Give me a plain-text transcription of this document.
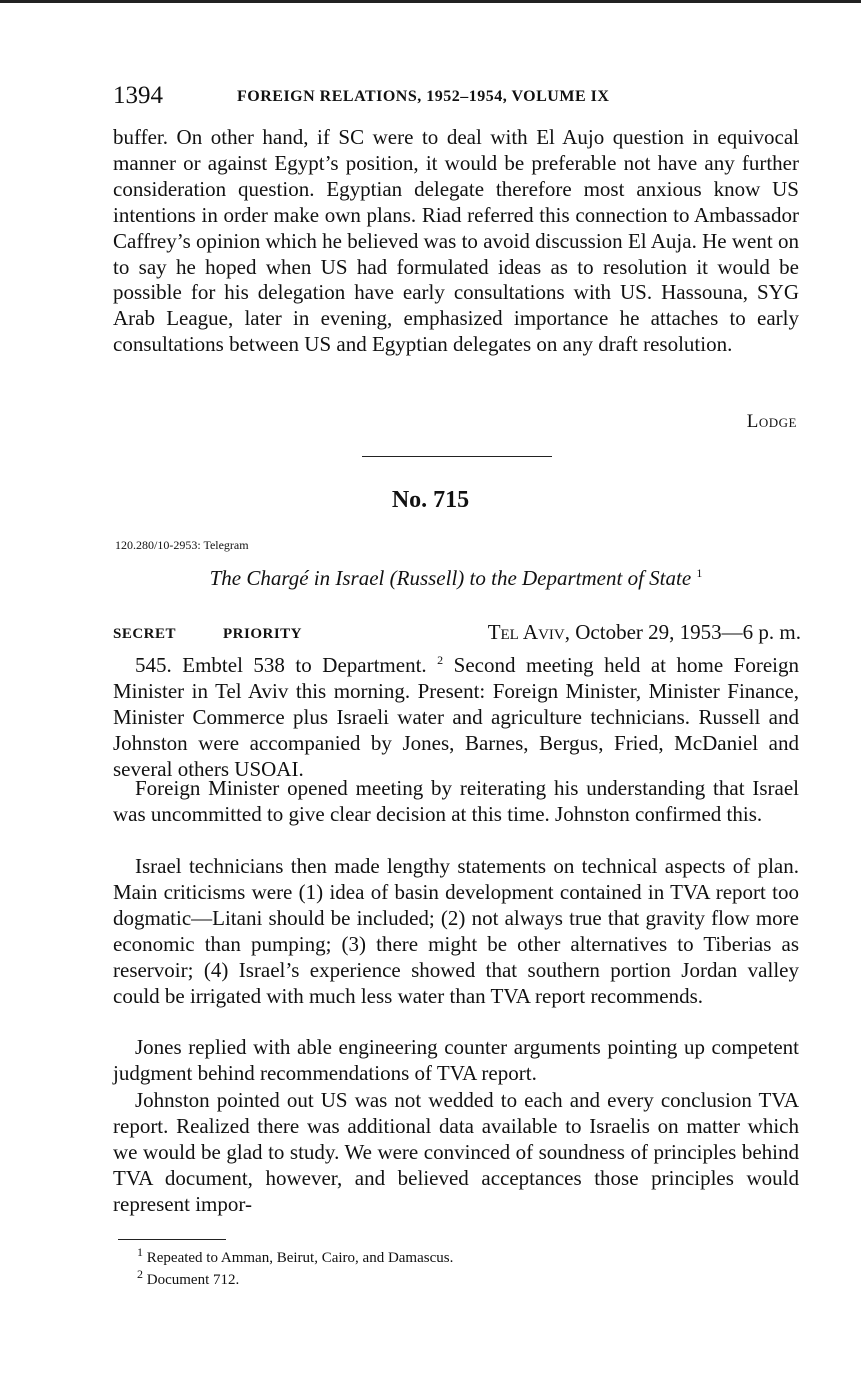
1394	FOREIGN RELATIONS, 1952–1954, VOLUME IX

buffer. On other hand, if SC were to deal with El Aujo question in equivocal manner or against Egypt’s position, it would be preferable not have any further consideration question. Egyptian delegate therefore most anxious know US intentions in order make own plans. Riad referred this connection to Ambassador Caffrey’s opinion which he believed was to avoid discussion El Auja. He went on to say he hoped when US had formulated ideas as to resolution it would be possible for his delegation have early consultations with US. Hassouna, SYG Arab League, later in evening, emphasized importance he attaches to early consultations between US and Egyptian delegates on any draft resolution.

Lodge
No. 715
120.280/10-2953: Telegram
The Chargé in Israel (Russell) to the Department of State $^1$
SECRET	PRIORITY	Tel Aviv, October 29, 1953—6 p. m.

545. Embtel 538 to Department. $^2$ Second meeting held at home Foreign Minister in Tel Aviv this morning. Present: Foreign Minister, Minister Finance, Minister Commerce plus Israeli water and agriculture technicians. Russell and Johnston were accompanied by Jones, Barnes, Bergus, Fried, McDaniel and several others USOAI.

Foreign Minister opened meeting by reiterating his understanding that Israel was uncommitted to give clear decision at this time. Johnston confirmed this.

Israel technicians then made lengthy statements on technical aspects of plan. Main criticisms were (1) idea of basin development contained in TVA report too dogmatic—Litani should be included; (2) not always true that gravity flow more economic than pumping; (3) there might be other alternatives to Tiberias as reservoir; (4) Israel’s experience showed that southern portion Jordan valley could be irrigated with much less water than TVA report recommends.

Jones replied with able engineering counter arguments pointing up competent judgment behind recommendations of TVA report.

Johnston pointed out US was not wedded to each and every conclusion TVA report. Realized there was additional data available to Israelis on matter which we would be glad to study. We were convinced of soundness of principles behind TVA document, however, and believed acceptances those principles would represent impor-

$^1$ Repeated to Amman, Beirut, Cairo, and Damascus.
$^2$ Document 712.
